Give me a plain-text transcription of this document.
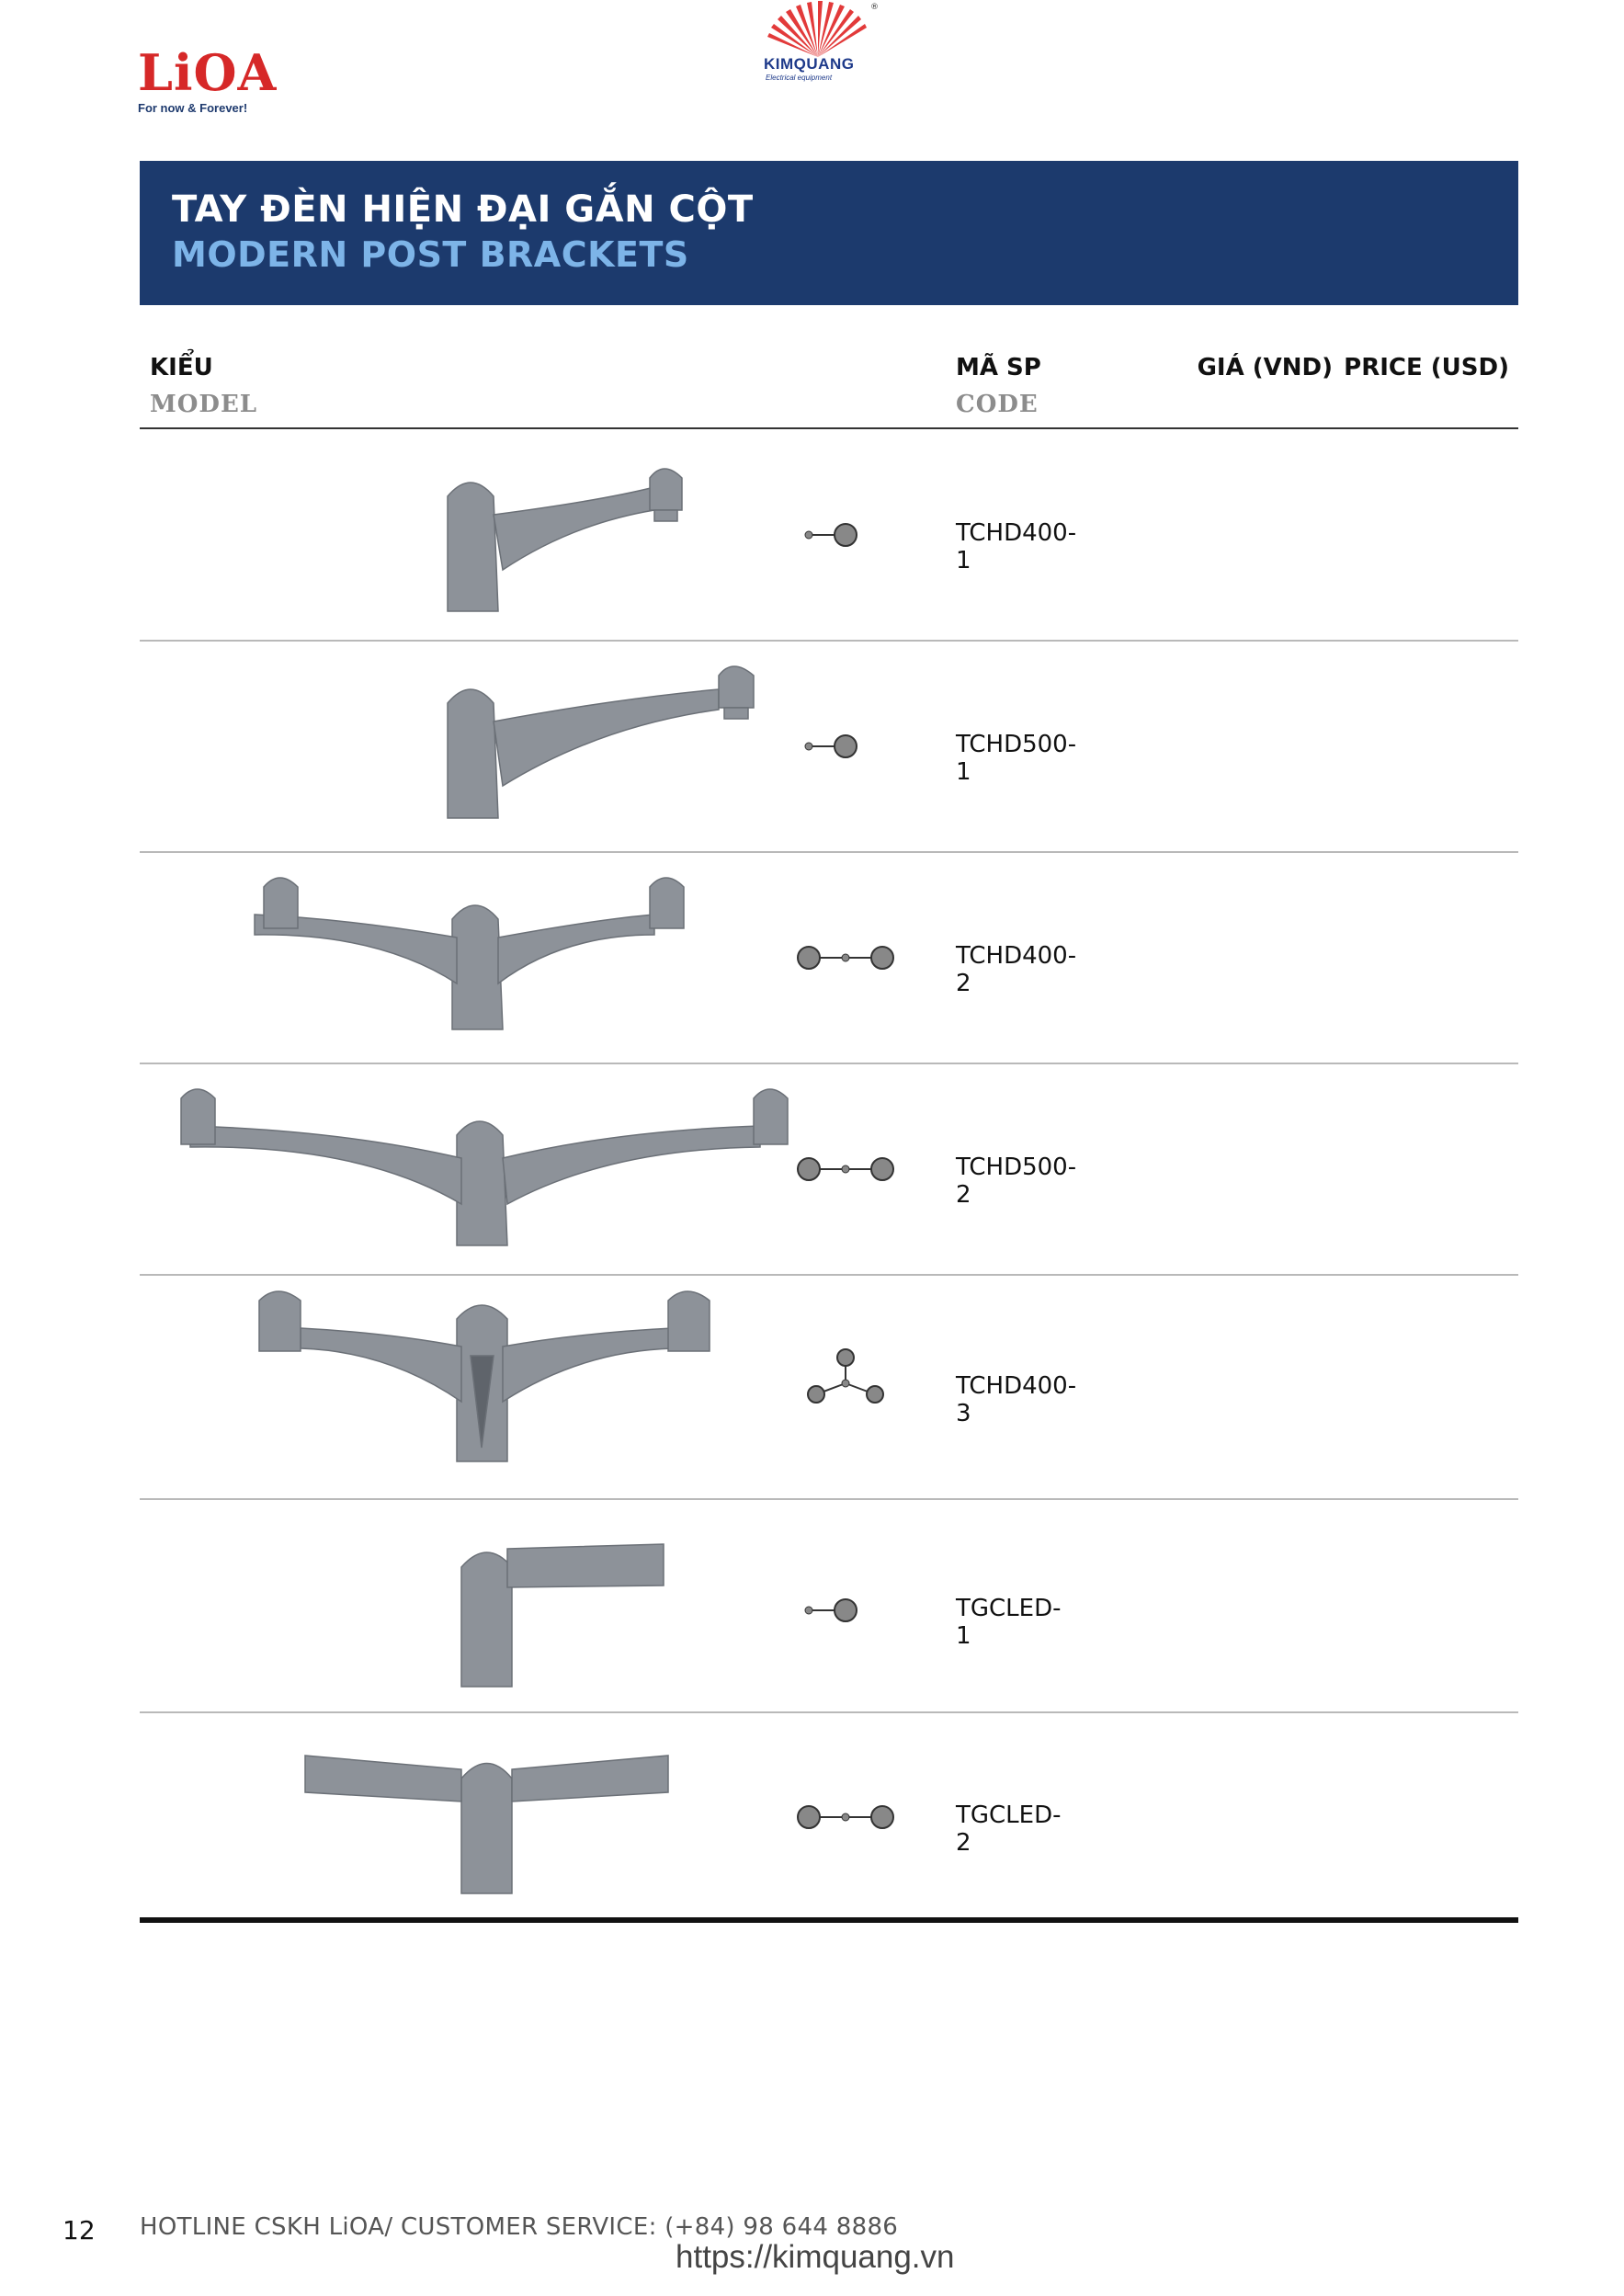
LiOA
For now & Forever!
®
KIMQUANG
Electrical equipment
TAY ĐÈN HIỆN ĐẠI GẮN CỘT
MODERN POST BRACKETS
KIỂU
MODEL
MÃ SP
CODE
GIÁ (VND) PRICE (USD)
TCHD400-1
TCHD500-1
TCHD400-2
TCHD500-2
TCHD400-3
TGCLED-1
TGCLED-2
12 HOTLINE CSKH LiOA/ CUSTOMER SERVICE: (+84) 98 644 8886
https://kimquang.vn
